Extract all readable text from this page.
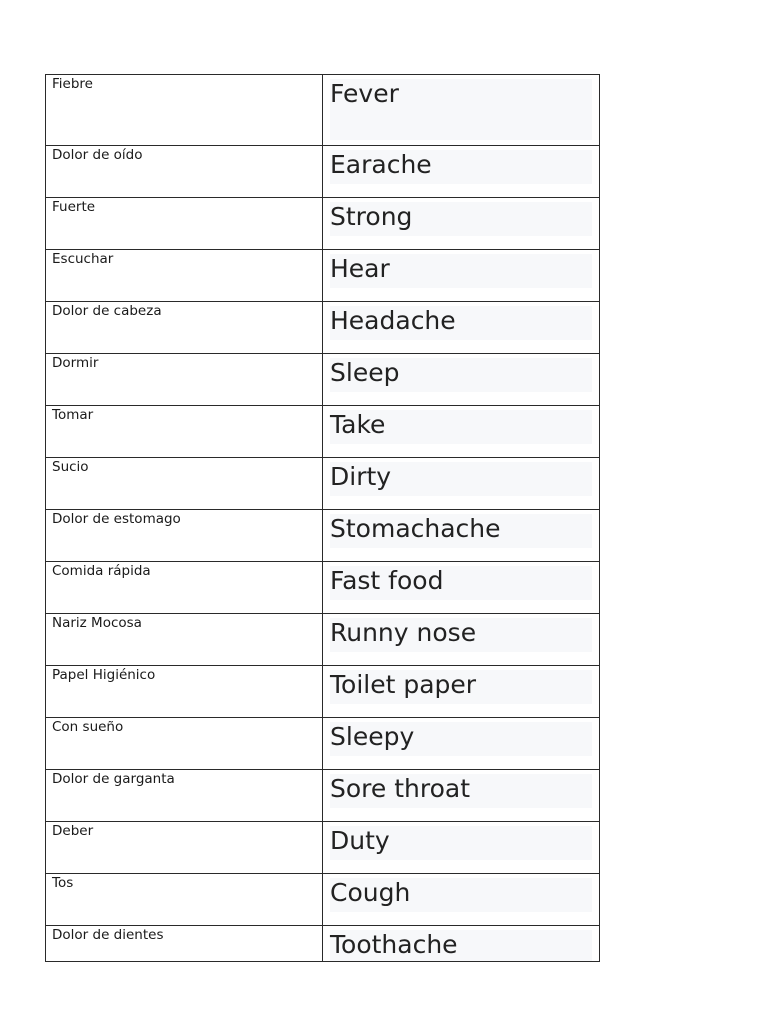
Fiebre	Fever

Dolor de oído	Earache

Fuerte	Strong

Escuchar	Hear

Dolor de cabeza	Headache

Dormir	Sleep

Tomar	Take

Sucio	Dirty

Dolor de estomago	Stomachache

Comida rápida	Fast food

Nariz Mocosa	Runny nose

Papel Higiénico	Toilet paper

Con sueño	Sleepy

Dolor de garganta	Sore throat

Deber	Duty

Tos	Cough

Dolor de dientes	Toothache
